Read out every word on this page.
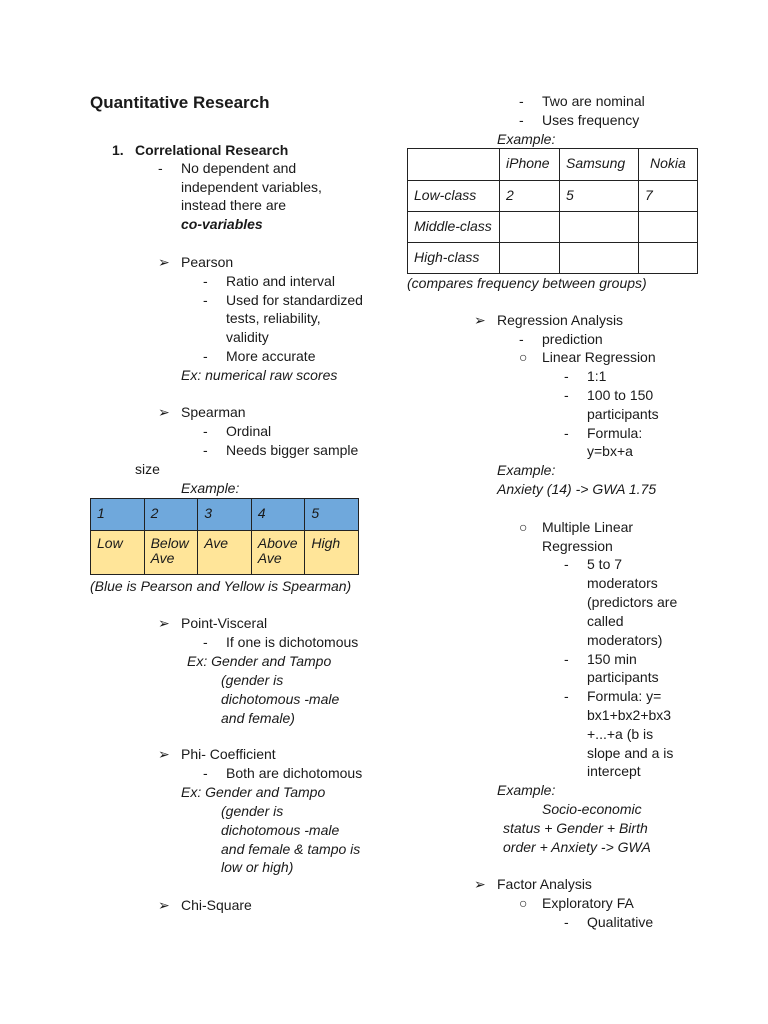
Quantitative Research
1. Correlational Research
- No dependent and
independent variables,
instead there are
co-variables
➢ Pearson
- Ratio and interval
- Used for standardized
tests, reliability,
validity
- More accurate
Ex: numerical raw scores
➢ Spearman
- Ordinal
- Needs bigger sample
size
Example:
1	2	3	4	5
Low	Below Ave	Ave	Above Ave	High
(Blue is Pearson and Yellow is Spearman)
➢ Point-Visceral
- If one is dichotomous
Ex: Gender and Tampo
(gender is
dichotomous -male
and female)
➢ Phi- Coefficient
- Both are dichotomous
Ex: Gender and Tampo
(gender is
dichotomous -male
and female & tampo is
low or high)
➢ Chi-Square
- Two are nominal
- Uses frequency
Example:
	iPhone	Samsung	Nokia
Low-class	2	5	7
Middle-class			
High-class			
(compares frequency between groups)
➢ Regression Analysis
- prediction
○ Linear Regression
- 1:1
- 100 to 150
participants
- Formula:
y=bx+a
Example:
Anxiety (14) -> GWA 1.75
○ Multiple Linear
Regression
- 5 to 7
moderators
(predictors are
called
moderators)
- 150 min
participants
- Formula: y=
bx1+bx2+bx3
+...+a (b is
slope and a is
intercept
Example:
Socio-economic
status + Gender + Birth
order + Anxiety -> GWA
➢ Factor Analysis
○ Exploratory FA
- Qualitative
